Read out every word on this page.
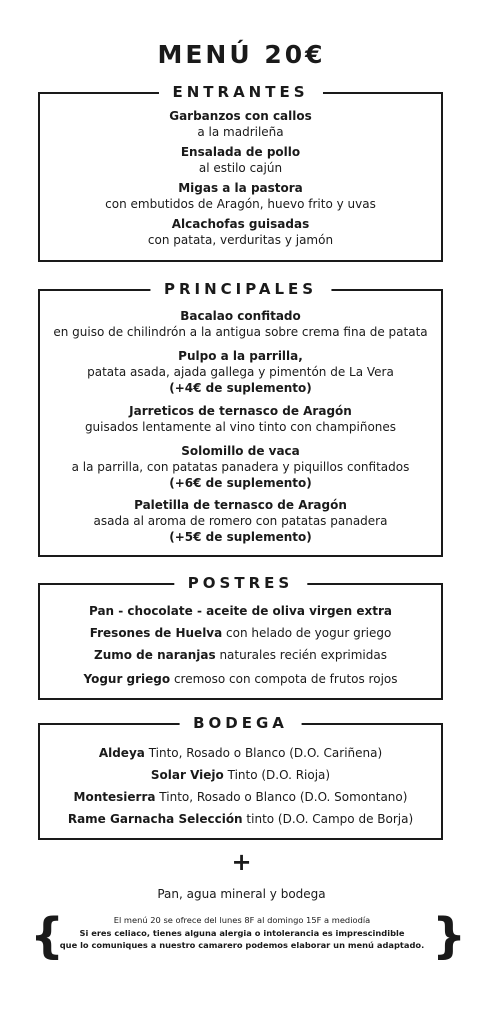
MENÚ 20€
ENTRANTES
Garbanzos con callos
a la madrileña
Ensalada de pollo
al estilo cajún
Migas a la pastora
con embutidos de Aragón, huevo frito y uvas
Alcachofas guisadas
con patata, verduritas y jamón
PRINCIPALES
Bacalao confitado
en guiso de chilindrón a la antigua sobre crema fina de patata
Pulpo a la parrilla,
patata asada, ajada gallega y pimentón de La Vera
(+4€ de suplemento)
Jarreticos de ternasco de Aragón
guisados lentamente al vino tinto con champiñones
Solomillo de vaca
a la parrilla, con patatas panadera y piquillos confitados
(+6€ de suplemento)
Paletilla de ternasco de Aragón
asada al aroma de romero con patatas panadera
(+5€ de suplemento)
POSTRES
Pan - chocolate - aceite de oliva virgen extra
Fresones de Huelva con helado de yogur griego
Zumo de naranjas naturales recién exprimidas
Yogur griego cremoso con compota de frutos rojos
BODEGA
Aldeya Tinto, Rosado o Blanco (D.O. Cariñena)
Solar Viejo Tinto (D.O. Rioja)
Montesierra Tinto, Rosado o Blanco (D.O. Somontano)
Rame Garnacha Selección tinto (D.O. Campo de Borja)
+
Pan, agua mineral y bodega
{	}
El menú 20 se ofrece del lunes 8F al domingo 15F a mediodía
Si eres celiaco, tienes alguna alergia o intolerancia es imprescindible
que lo comuniques a nuestro camarero podemos elaborar un menú adaptado.
